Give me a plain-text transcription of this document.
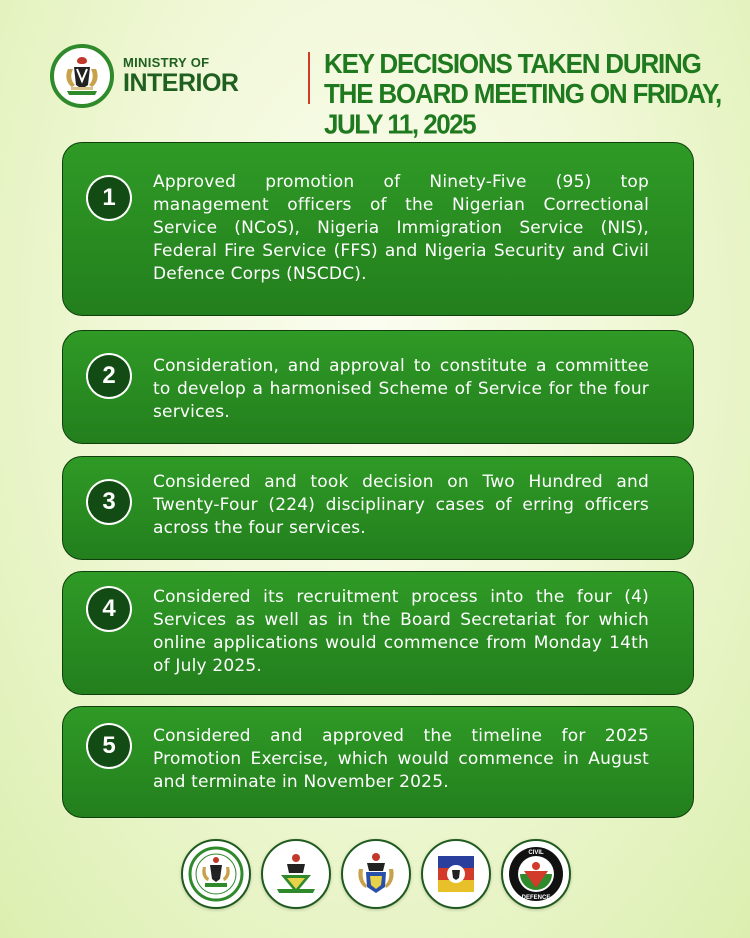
MINISTRY OF
INTERIOR
KEY DECISIONS TAKEN DURING THE BOARD MEETING ON FRIDAY, JULY 11, 2025
1
Approved promotion of Ninety-Five (95) top management officers of the Nigerian Correctional Service (NCoS), Nigeria Immigration Service (NIS), Federal Fire Service (FFS) and Nigeria Security and Civil Defence Corps (NSCDC).
2	Consideration, and approval to constitute a committee to develop a harmonised Scheme of Service for the four services.
3
Considered and took decision on Two Hundred and Twenty-Four (224) disciplinary cases of erring officers across the four services.
4	Considered its recruitment process into the four (4) Services as well as in the Board Secretariat for which online applications would commence from Monday 14th of July 2025.
5	Considered and approved the timeline for 2025 Promotion Exercise, which would commence in August and terminate in November 2025.
CIVIL
DEFENCE
